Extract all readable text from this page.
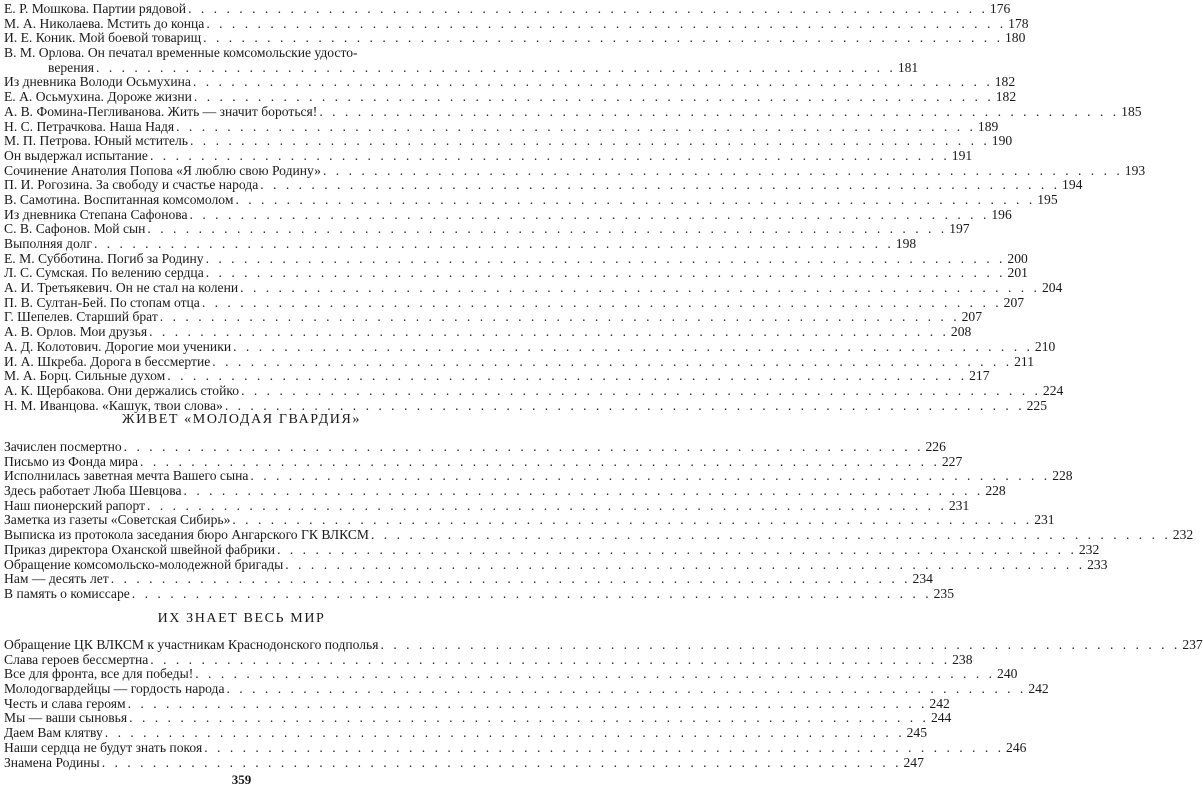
Е. Р. Мошкова. Партии рядовой . . .	176
М. А. Николаева. Мстить до конца . . .	178
И. Е. Коник. Мой боевой товарищ . . .	180
В. М. Орлова. Он печатал временные комсомольские удосто-
верения . . .	181
Из дневника Володи Осьмухина . . .	182
Е. А. Осьмухина. Дороже жизни . . .	182
А. В. Фомина-Пегливанова. Жить — значит бороться! . . .	185
Н. С. Петрачкова. Наша Надя . . .	189
М. П. Петрова. Юный мститель . . .	190
Он выдержал испытание . . .	191
Сочинение Анатолия Попова «Я люблю свою Родину» . . .	193
П. И. Рогозина. За свободу и счастье народа . . .	194
В. Самотина. Воспитанная комсомолом . . .	195
Из дневника Степана Сафонова . . .	196
С. В. Сафонов. Мой сын . . .	197
Выполняя долг . . .	198
Е. М. Субботина. Погиб за Родину . . .	200
Л. С. Сумская. По велению сердца . . .	201
А. И. Третьякевич. Он не стал на колени . . .	204
П. В. Султан-Бей. По стопам отца . . .	207
Г. Шепелев. Старший брат . . .	207
А. В. Орлов. Мои друзья . . .	208
А. Д. Колотович. Дорогие мои ученики . . .	210
И. А. Шкреба. Дорога в бессмертие . . .	211
М. А. Борц. Сильные духом . . .	217
А. К. Щербакова. Они держались стойко . . .	224
Н. М. Иванцова. «Кашук, твои слова» . . .	225
ЖИВЕТ «МОЛОДАЯ ГВАРДИЯ»
Зачислен посмертно . . .	226
Письмо из Фонда мира . . .	227
Исполнилась заветная мечта Вашего сына . . .	228
Здесь работает Люба Шевцова . . .	228
Наш пионерский рапорт . . .	231
Заметка из газеты «Советская Сибирь» . . .	231
Выписка из протокола заседания бюро Ангарского ГК ВЛКСМ . . .	232
Приказ директора Оханской швейной фабрики . . .	232
Обращение комсомольско-молодежной бригады . . .	233
Нам — десять лет . . .	234
В память о комиссаре . . .	235
ИХ ЗНАЕТ ВЕСЬ МИР
Обращение ЦК ВЛКСМ к участникам Краснодонского подполья . . .	237
Слава героев бессмертна . . .	238
Все для фронта, все для победы! . . .	240
Молодогвардейцы — гордость народа . . .	242
Честь и слава героям . . .	242
Мы — ваши сыновья . . .	244
Даем Вам клятву . . .	245
Наши сердца не будут знать покоя . . .	246
Знамена Родины . . .	247
359
